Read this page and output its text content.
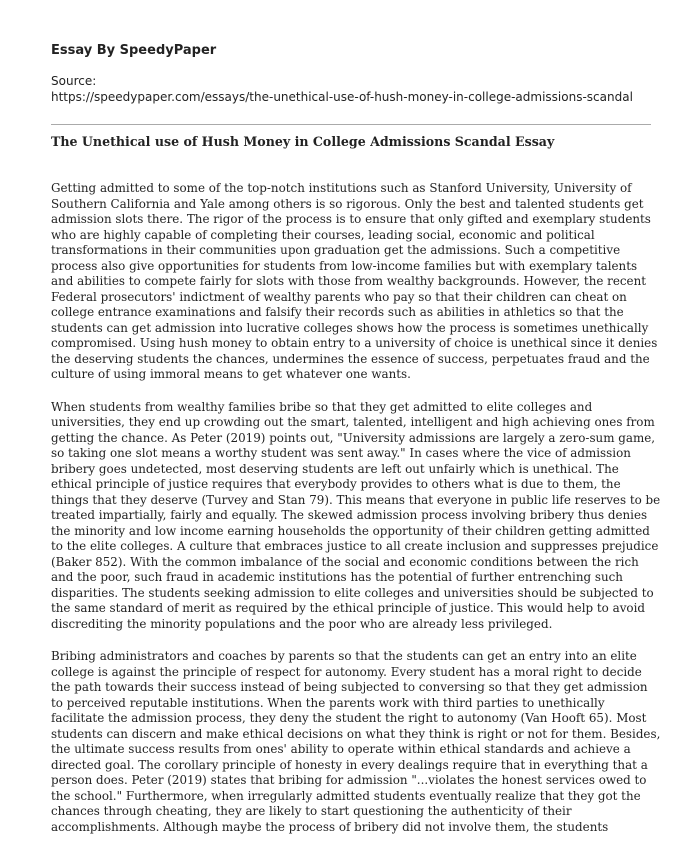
Essay By SpeedyPaper
Source:
https://speedypaper.com/essays/the-unethical-use-of-hush-money-in-college-admissions-scandal
The Unethical use of Hush Money in College Admissions Scandal Essay

Getting admitted to some of the top-notch institutions such as Stanford University, University of Southern California and Yale among others is so rigorous. Only the best and talented students get admission slots there. The rigor of the process is to ensure that only gifted and exemplary students who are highly capable of completing their courses, leading social, economic and political transformations in their communities upon graduation get the admissions. Such a competitive process also give opportunities for students from low-income families but with exemplary talents and abilities to compete fairly for slots with those from wealthy backgrounds. However, the recent Federal prosecutors' indictment of wealthy parents who pay so that their children can cheat on college entrance examinations and falsify their records such as abilities in athletics so that the students can get admission into lucrative colleges shows how the process is sometimes unethically compromised. Using hush money to obtain entry to a university of choice is unethical since it denies the deserving students the chances, undermines the essence of success, perpetuates fraud and the culture of using immoral means to get whatever one wants.

When students from wealthy families bribe so that they get admitted to elite colleges and universities, they end up crowding out the smart, talented, intelligent and high achieving ones from getting the chance. As Peter (2019) points out, "University admissions are largely a zero-sum game, so taking one slot means a worthy student was sent away." In cases where the vice of admission bribery goes undetected, most deserving students are left out unfairly which is unethical. The ethical principle of justice requires that everybody provides to others what is due to them, the things that they deserve (Turvey and Stan 79). This means that everyone in public life reserves to be treated impartially, fairly and equally. The skewed admission process involving bribery thus denies the minority and low income earning households the opportunity of their children getting admitted to the elite colleges. A culture that embraces justice to all create inclusion and suppresses prejudice (Baker 852). With the common imbalance of the social and economic conditions between the rich and the poor, such fraud in academic institutions has the potential of further entrenching such disparities. The students seeking admission to elite colleges and universities should be subjected to the same standard of merit as required by the ethical principle of justice. This would help to avoid discrediting the minority populations and the poor who are already less privileged.

Bribing administrators and coaches by parents so that the students can get an entry into an elite college is against the principle of respect for autonomy. Every student has a moral right to decide the path towards their success instead of being subjected to conversing so that they get admission to perceived reputable institutions. When the parents work with third parties to unethically facilitate the admission process, they deny the student the right to autonomy (Van Hooft 65). Most students can discern and make ethical decisions on what they think is right or not for them. Besides, the ultimate success results from ones' ability to operate within ethical standards and achieve a directed goal. The corollary principle of honesty in every dealings require that in everything that a person does. Peter (2019) states that bribing for admission "...violates the honest services owed to the school." Furthermore, when irregularly admitted students eventually realize that they got the chances through cheating, they are likely to start questioning the authenticity of their accomplishments. Although maybe the process of bribery did not involve them, the students
